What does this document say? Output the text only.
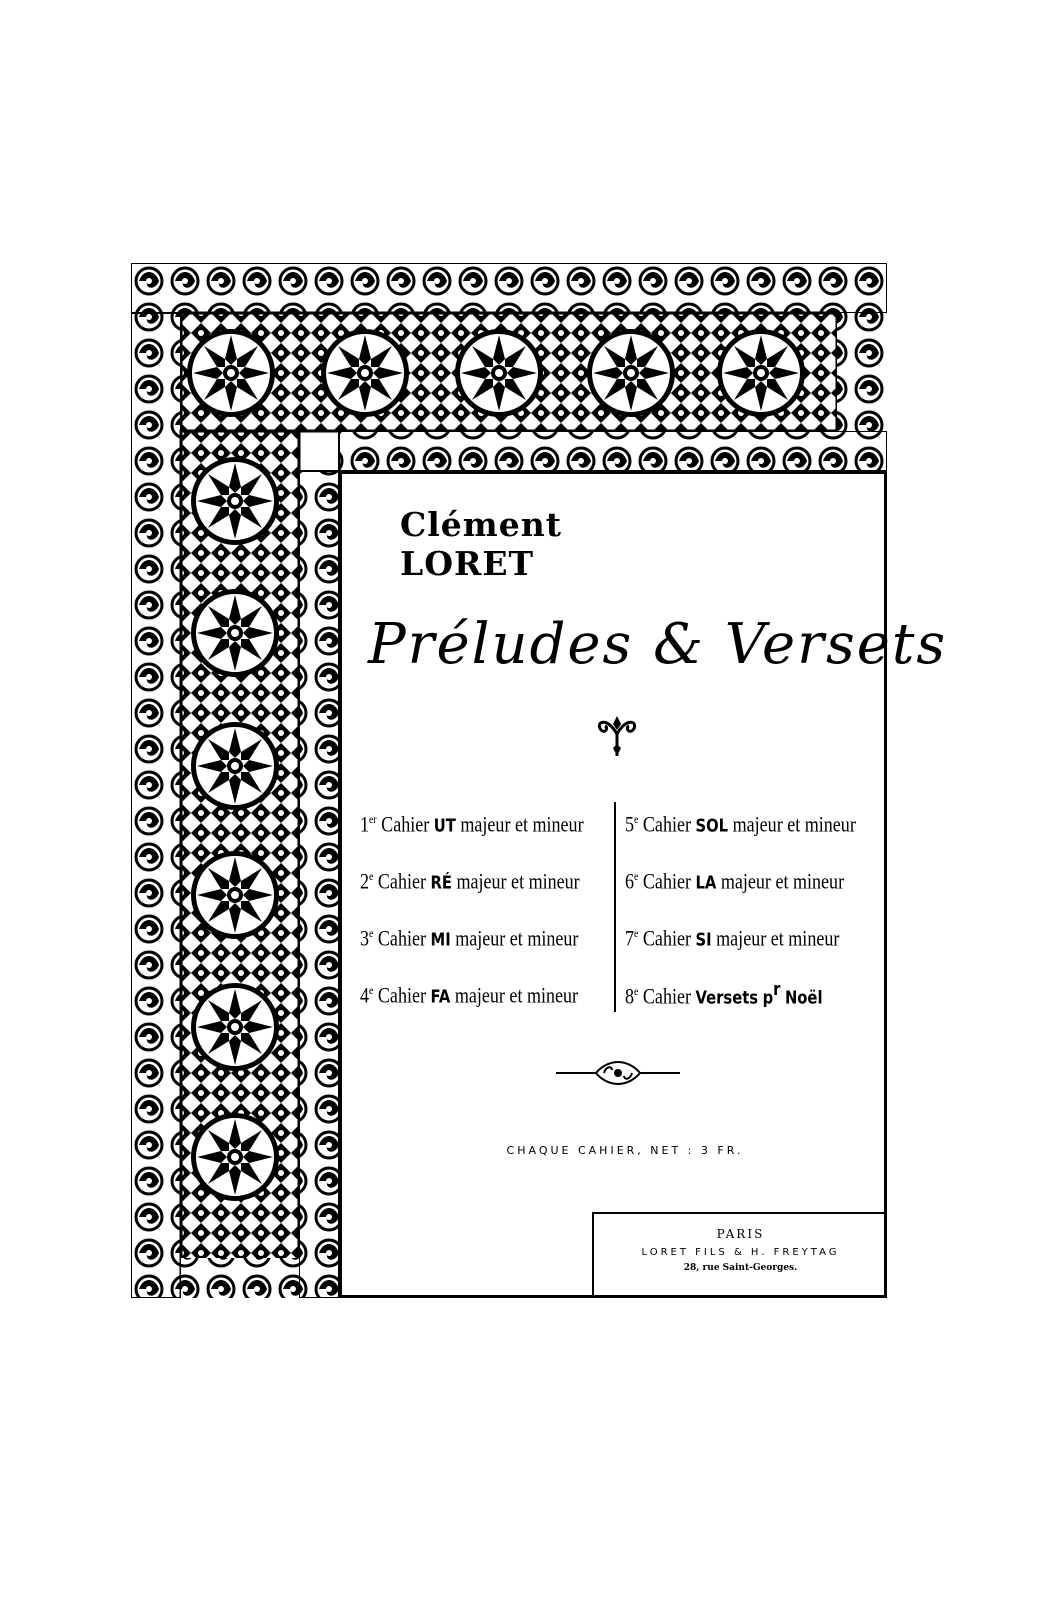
Clément LORET
Préludes & Versets
1er Cahier UT majeur et mineur
2e Cahier RÉ majeur et mineur
3e Cahier MI majeur et mineur
4e Cahier FA majeur et mineur
5e Cahier SOL majeur et mineur
6e Cahier LA majeur et mineur
7e Cahier SI majeur et mineur
8e Cahier Versets $p^r$ Noël
CHAQUE CAHIER, NET : 3 FR.
PARIS
LORET FILS & H. FREYTAG
28, rue Saint-Georges.
